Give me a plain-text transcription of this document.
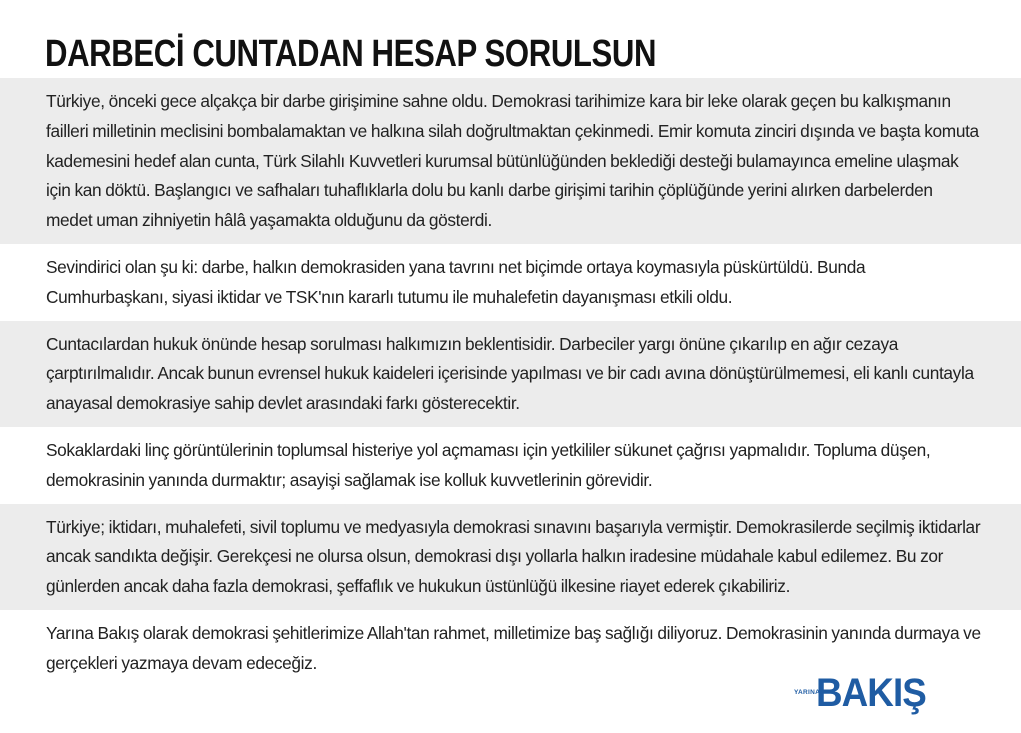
DARBECİ CUNTADAN HESAP SORULSUN

Türkiye, önceki gece alçakça bir darbe girişimine sahne oldu. Demokrasi tarihimize kara bir leke olarak geçen bu kalkışmanın failleri milletinin meclisini bombalamaktan ve halkına silah doğrultmaktan çekinmedi. Emir komuta zinciri dışında ve başta komuta kademesini hedef alan cunta, Türk Silahlı Kuvvetleri kurumsal bütünlüğünden beklediği desteği bulamayınca emeline ulaşmak için kan döktü. Başlangıcı ve safhaları tuhaflıklarla dolu bu kanlı darbe girişimi tarihin çöplüğünde yerini alırken darbelerden medet uman zihniyetin hâlâ yaşamakta olduğunu da gösterdi.

Sevindirici olan şu ki: darbe, halkın demokrasiden yana tavrını net biçimde ortaya koymasıyla püskürtüldü. Bunda Cumhurbaşkanı, siyasi iktidar ve TSK'nın kararlı tutumu ile muhalefetin dayanışması etkili oldu.

Cuntacılardan hukuk önünde hesap sorulması halkımızın beklentisidir. Darbeciler yargı önüne çıkarılıp en ağır cezaya çarptırılmalıdır. Ancak bunun evrensel hukuk kaideleri içerisinde yapılması ve bir cadı avına dönüştürülmemesi, eli kanlı cuntayla anayasal demokrasiye sahip devlet arasındaki farkı gösterecektir.

Sokaklardaki linç görüntülerinin toplumsal histeriye yol açmaması için yetkililer sükunet çağrısı yapmalıdır. Topluma düşen, demokrasinin yanında durmaktır; asayişi sağlamak ise kolluk kuvvetlerinin görevidir.

Türkiye; iktidarı, muhalefeti, sivil toplumu ve medyasıyla demokrasi sınavını başarıyla vermiştir. Demokrasilerde seçilmiş iktidarlar ancak sandıkta değişir. Gerekçesi ne olursa olsun, demokrasi dışı yollarla halkın iradesine müdahale kabul edilemez. Bu zor günlerden ancak daha fazla demokrasi, şeffaflık ve hukukun üstünlüğü ilkesine riayet ederek çıkabiliriz.

Yarına Bakış olarak demokrasi şehitlerimize Allah'tan rahmet, milletimize baş sağlığı diliyoruz. Demokrasinin yanında durmaya ve gerçekleri yazmaya devam edeceğiz.

YARINA
BAKIŞ
